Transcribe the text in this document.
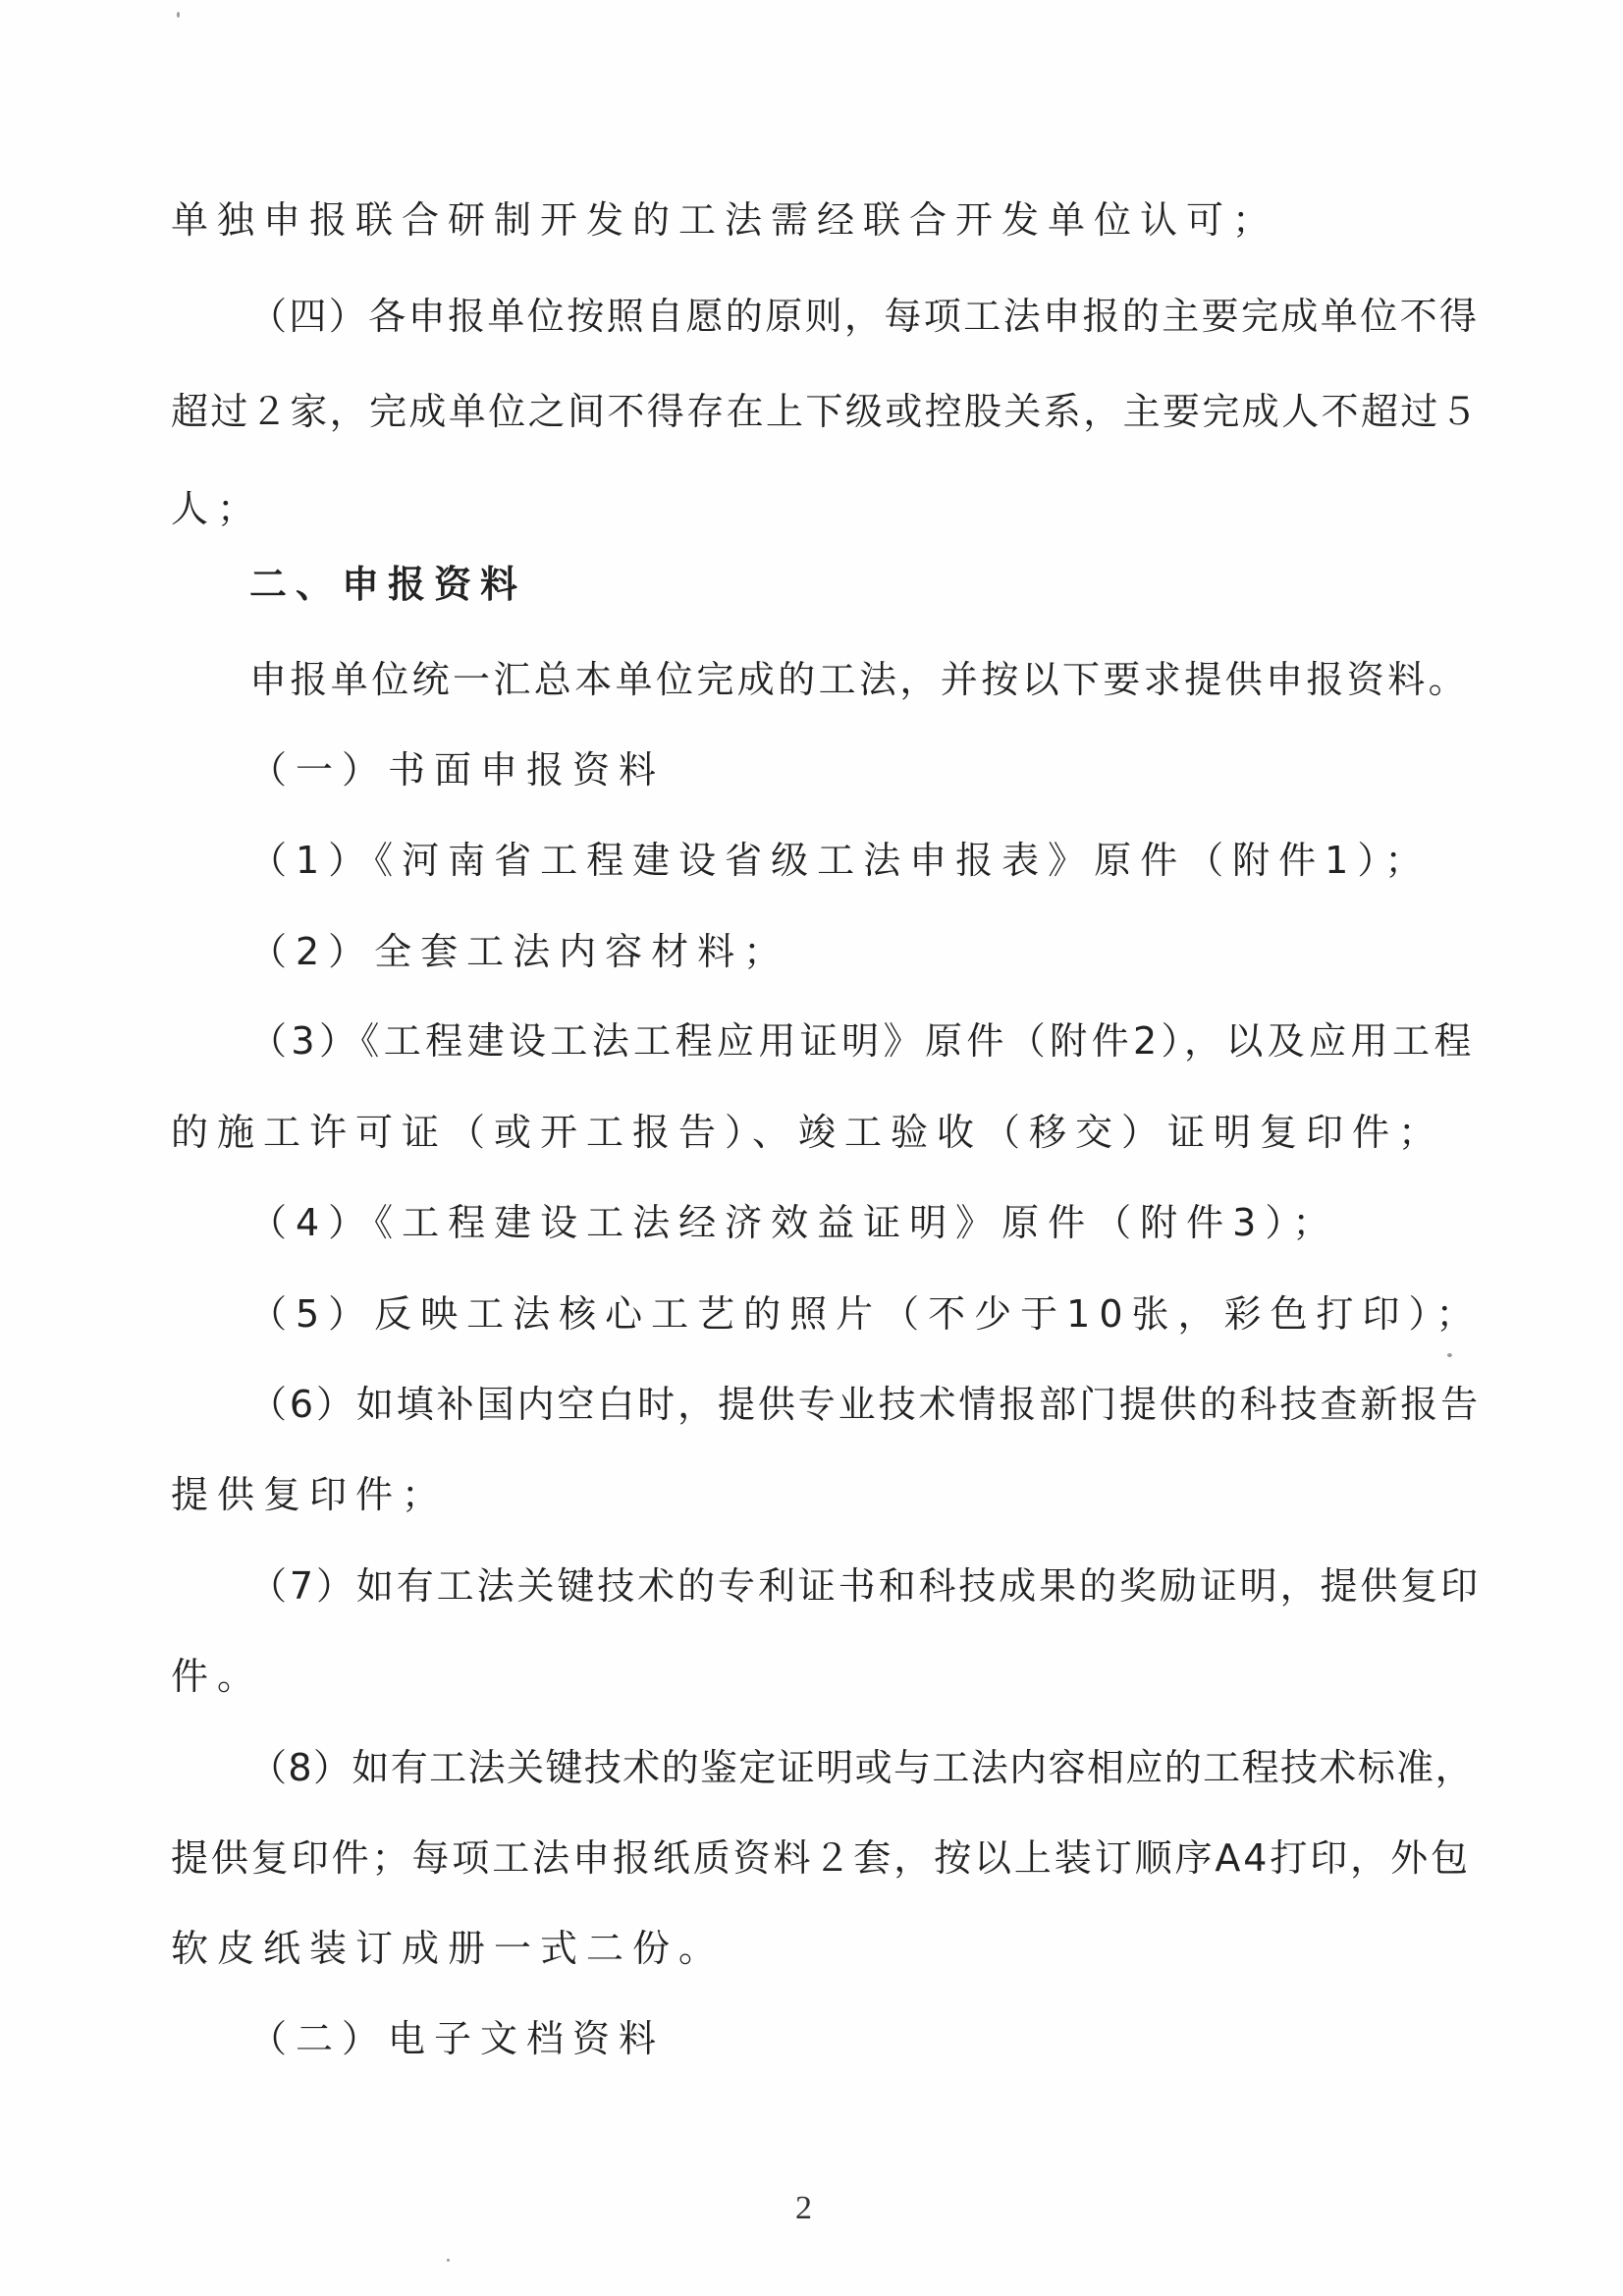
单独申报联合研制开发的工法需经联合开发单位认可；
（四）各申报单位按照自愿的原则，每项工法申报的主要完成单位不得
超过２家，完成单位之间不得存在上下级或控股关系，主要完成人不超过５
人；
二、申报资料
申报单位统一汇总本单位完成的工法，并按以下要求提供申报资料。
（一）书面申报资料
（1）《河南省工程建设省级工法申报表》原件（附件1）；
（2）全套工法内容材料；
（3）《工程建设工法工程应用证明》原件（附件2），以及应用工程
的施工许可证（或开工报告）、竣工验收（移交）证明复印件；
（4）《工程建设工法经济效益证明》原件（附件3）；
（5）反映工法核心工艺的照片（不少于10张，彩色打印）；
（6）如填补国内空白时，提供专业技术情报部门提供的科技查新报告
提供复印件；
（7）如有工法关键技术的专利证书和科技成果的奖励证明，提供复印
件。
（8）如有工法关键技术的鉴定证明或与工法内容相应的工程技术标准，
提供复印件；每项工法申报纸质资料２套，按以上装订顺序A4打印，外包
软皮纸装订成册一式二份。
（二）电子文档资料
2
